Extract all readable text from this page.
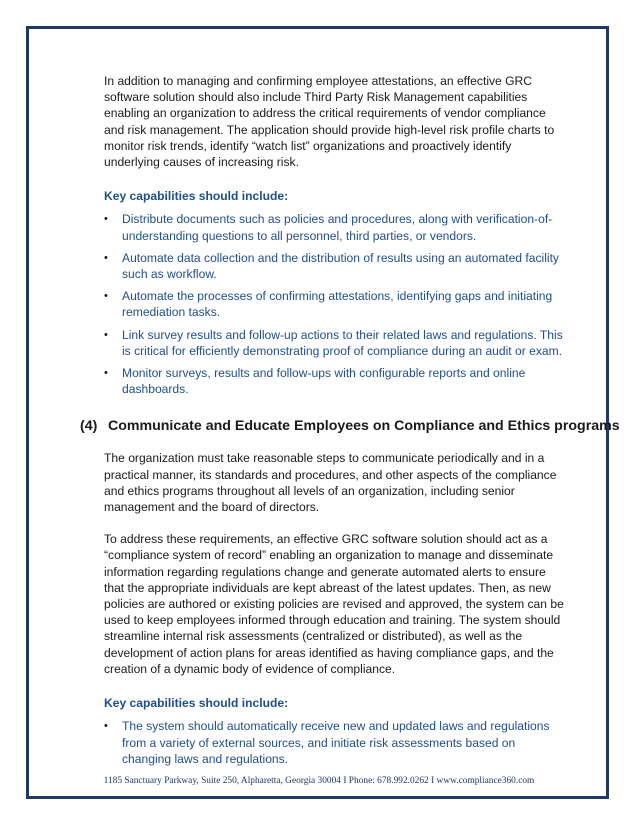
In addition to managing and confirming employee attestations, an effective GRC software solution should also include Third Party Risk Management capabilities enabling an organization to address the critical requirements of vendor compliance and risk management. The application should provide high-level risk profile charts to monitor risk trends, identify “watch list” organizations and proactively identify underlying causes of increasing risk.

Key capabilities should include:

• Distribute documents such as policies and procedures, along with verification-of-understanding questions to all personnel, third parties, or vendors.
• Automate data collection and the distribution of results using an automated facility such as workflow.
• Automate the processes of confirming attestations, identifying gaps and initiating remediation tasks.
• Link survey results and follow-up actions to their related laws and regulations. This is critical for efficiently demonstrating proof of compliance during an audit or exam.
• Monitor surveys, results and follow-ups with configurable reports and online dashboards.
(4) Communicate and Educate Employees on Compliance and Ethics programs

The organization must take reasonable steps to communicate periodically and in a practical manner, its standards and procedures, and other aspects of the compliance and ethics programs throughout all levels of an organization, including senior management and the board of directors.

To address these requirements, an effective GRC software solution should act as a “compliance system of record” enabling an organization to manage and disseminate information regarding regulations change and generate automated alerts to ensure that the appropriate individuals are kept abreast of the latest updates. Then, as new policies are authored or existing policies are revised and approved, the system can be used to keep employees informed through education and training. The system should streamline internal risk assessments (centralized or distributed), as well as the development of action plans for areas identified as having compliance gaps, and the creation of a dynamic body of evidence of compliance.

Key capabilities should include:

• The system should automatically receive new and updated laws and regulations from a variety of external sources, and initiate risk assessments based on changing laws and regulations.
1185 Sanctuary Parkway, Suite 250, Alpharetta, Georgia 30004 I Phone: 678.992.0262 I www.compliance360.com
